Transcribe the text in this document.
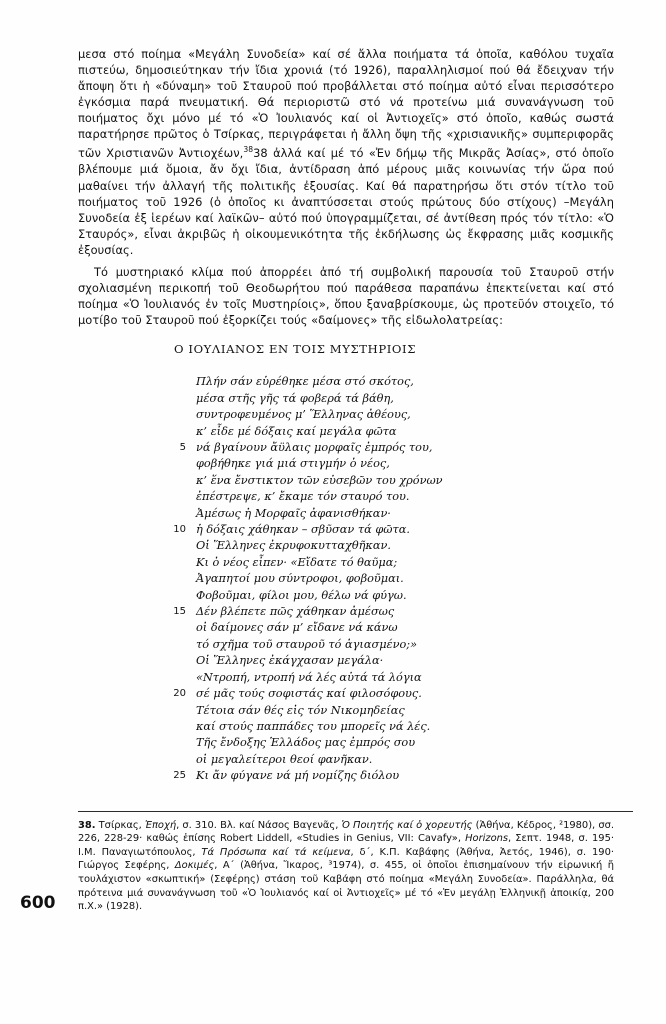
μεσα στό ποίημα «Μεγάλη Συνοδεία» καί σέ ἄλλα ποιήματα τά ὁποῖα, καθόλου τυχαῖα πιστεύω, δημοσιεύτηκαν τήν ἴδια χρονιά (τό 1926), παραλληλισμοί πού θά ἔδειχναν τήν ἄποψη ὅτι ἡ «δύναμη» τοῦ Σταυροῦ πού προβάλλεται στό ποίημα αὐτό εἶναι περισσότερο ἐγκόσμια παρά πνευματική. Θά περιοριστῶ στό νά προτείνω μιά συνανάγνωση τοῦ ποιήματος ὄχι μόνο μέ τό «Ὁ Ἰουλιανός καί οἱ Ἀντιοχεῖς» στό ὁποῖο, καθώς σωστά παρατήρησε πρῶτος ὁ Τσίρκας, περιγράφεται ἡ ἄλλη ὄψη τῆς «χρισιανικῆς» συμπεριφορᾶς τῶν Χριστιανῶν Ἀντιοχέων,$^{38}$38 ἀλλά καί μέ τό «Ἐν δήμῳ τῆς Μικρᾶς Ἀσίας», στό ὁποῖο βλέπουμε μιά ὅμοια, ἄν ὄχι ἴδια, ἀντίδραση ἀπό μέρους μιᾶς κοινωνίας τήν ὥρα πού μαθαίνει τήν ἀλλαγή τῆς πολιτικῆς ἐξουσίας. Καί θά παρατηρήσω ὅτι στόν τίτλο τοῦ ποιήματος τοῦ 1926 (ὁ ὁποῖος κι ἀναπτύσσεται στούς πρώτους δύο στίχους) –Μεγάλη Συνοδεία ἐξ ἱερέων καί λαϊκῶν– αὐτό πού ὑπογραμμίζεται, σέ ἀντίθεση πρός τόν τίτλο: «Ὁ Σταυρός», εἶναι ἀκριβῶς ἡ οἰκουμενικότητα τῆς ἐκδήλωσης ὡς ἔκφρασης μιᾶς κοσμικῆς ἐξουσίας.

Τό μυστηριακό κλίμα πού ἀπορρέει ἀπό τή συμβολική παρουσία τοῦ Σταυροῦ στήν σχολιασμένη περικοπή τοῦ Θεοδωρήτου πού παράθεσα παραπάνω ἐπεκτείνεται καί στό ποίημα «Ὁ Ἰουλιανός ἐν τοῖς Μυστηρίοις», ὅπου ξαναβρίσκουμε, ὡς προτεῦόν στοιχεῖο, τό μοτίβο τοῦ Σταυροῦ πού ἐξορκίζει τούς «δαίμονες» τῆς εἰδωλολατρείας:

Ο ΙΟΥΛΙΑΝΟΣ ΕΝ ΤΟΙΣ ΜΥΣΤΗΡΙΟΙΣ
Πλήν σάν εὑρέθηκε μέσα στό σκότος,
μέσα στῆς γῆς τά φοβερά τά βάθη,
συντροφευμένος μ’ Ἕλληνας ἀθέους,
κ’ εἶδε μέ δόξαις καί μεγάλα φῶτα
5 νά βγαίνουν ἄϋλαις μορφαῖς ἐμπρός του,
φοβήθηκε γιά μιά στιγμήν ὁ νέος,
κ’ ἕνα ἔνστικτον τῶν εὐσεβῶν του χρόνων
ἐπέστρεψε, κ’ ἔκαμε τόν σταυρό του.
Ἀμέσως ἡ Μορφαῖς ἀφανισθήκαν·
10 ἡ δόξαις χάθηκαν – σβῦσαν τά φῶτα.
Οἱ Ἕλληνες ἐκρυφοκυτταχθῆκαν.
Κι ὁ νέος εἶπεν· «Εἴδατε τό θαῦμα;
Ἀγαπητοί μου σύντροφοι, φοβοῦμαι.
Φοβοῦμαι, φίλοι μου, θέλω νά φύγω.
15 Δέν βλέπετε πῶς χάθηκαν ἀμέσως
οἱ δαίμονες σάν μ’ εἴδανε νά κάνω
τό σχῆμα τοῦ σταυροῦ τό ἁγιασμένο;»
Οἱ Ἕλληνες ἐκάγχασαν μεγάλα·
«Ντροπή, ντροπή νά λές αὐτά τά λόγια
20 σέ μᾶς τούς σοφιστάς καί φιλοσόφους.
Τέτοια σάν θές εἰς τόν Νικομηδείας
καί στούς παππάδες του μπορεῖς νά λές.
Τῆς ἔνδοξης Ἑλλάδος μας ἐμπρός σου
οἱ μεγαλείτεροι θεοί φανῆκαν.
25 Κι ἄν φύγανε νά μή νομίζης διόλου
38. Τσίρκας, Ἐποχή, σ. 310. Βλ. καί Νάσος Βαγενᾶς, Ὁ Ποιητής καί ὁ χορευτής (Ἀθήνα, Κέδρος, ²1980), σσ. 226, 228-29· καθώς ἐπίσης Robert Liddell, «Studies in Genius, VII: Cavafy», Horizons, Σεπτ. 1948, σ. 195· Ι.Μ. Παναγιωτόπουλος, Τά Πρόσωπα καί τά κείμενα, δ΄, Κ.Π. Καβάφης (Ἀθήνα, Ἀετός, 1946), σ. 190· Γιώργος Σεφέρης, Δοκιμές, Α΄ (Ἀθήνα, Ἴκαρος, ³1974), σ. 455, οἱ ὁποῖοι ἐπισημαίνουν τήν εἰρωνική ἤ τουλάχιστον «σκωπτική» (Σεφέρης) στάση τοῦ Καβάφη στό ποίημα «Μεγάλη Συνοδεία». Παράλληλα, θά πρότεινα μιά συνανάγνωση τοῦ «Ὁ Ἰουλιανός καί οἱ Ἀντιοχεῖς» μέ τό «Ἐν μεγάλῃ Ἑλληνικῇ ἀποικίᾳ, 200 π.Χ.» (1928).
600
